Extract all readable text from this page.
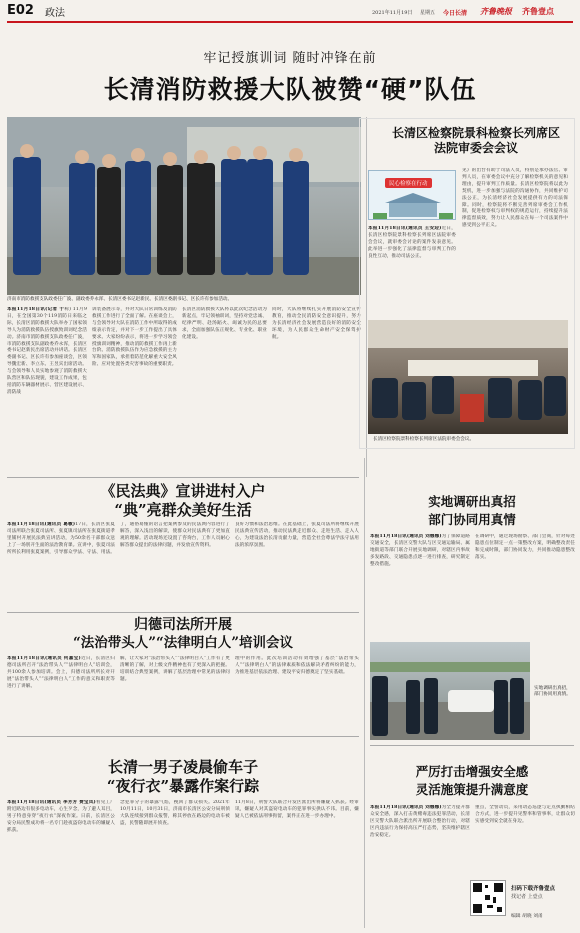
E02 政法	2021年11月19日 星期五 今日长清 齐鲁晚报 齐鲁壹点
牢记授旗训词 随时冲锋在前
长清消防救援大队被赞“硬”队伍
济南市消防救援支队政委任广波、副政委乔永浑、长清区委书记赵新民、长清区委副书记、区长许有参加活动。
本报11月18日讯(记者 于称) 11月9日，在全国第30个119消防日来临之际，长清区消防救援大队举办了国家领导人为消防救援队伍授旗致训词纪念活动。济南市消防救援支队政委任广波，市消防救援支队副政委乔永浑，长清区委书记赵新民出席活动并讲话。长清区委副书记、区长许有参加座谈会，区领导魏宏新、李立东、王昱宾出席活动。与会领导和人员实地参观了消防救援大队营区和队伍现貌，建设工作成果，包括消防车辆器材展示、营区建设展示、消防战
训装备展示等，并对大队日常训练及消防救援工作进行了全面了解。在座谈会上，与会领导对大队在消防工作中所取得的成绩表示肯定，并对下一步工作提出了具体要求。大家纷纷表示，将进一步学习领会授旗训词精神，推动消防救援工作再上新台阶。消防救援队伍作为应急救援的主力军和国家队，承担着防范化解重大安全风险、应对处置各类灾害事故的重要职责。
长清区消防救援大队将以此次纪念活动为新起点，牢记领袖训词，坚持对党忠诚、纪律严明、赴汤蹈火、竭诚为民的总要求，全面加强队伍正规化、专业化、职业化建设。
同时，大队将继续扎实开展消防安全宣传教育，推动全民消防安全意识提升，努力为长清经济社会发展营造良好的消防安全环境，为人民群众生命财产安全保驾护航。
长清区检察院景科检察长列席区法院审委会会议
民心检察在行动
本报11月18日讯(通讯员 王安迎)近日，长清区检察院景科检察长列席区法院审委会会议，就审委会讨论的案件发表意见。此举进一步强化了法律监督与审判工作的良性互动，推动司法公正。
见》的出台有助于司法人员，特别是承办法官、审判人员，在审委会议中充分了解检察机关的意见和理由，提升审判工作质量。长清区检察院将以此为契机，进一步加强与法院的沟通协作，共同维护司法公正，为长清经济社会发展提供有力的司法保障。同时，检察院将不断完善列席审委会工作机制，促进检察权与审判权的规范运行，持续提升法律监督质效，努力让人民群众在每一个司法案件中感受到公平正义。
长清区检察院景科检察长列席区法院审委会会议。
《民法典》宣讲进村入户
“典”亮群众美好生活
本报11月18日讯(通讯员 葛敏)17日，长清区张夏司法所联合张夏司法所、张夏镇司法所在张夏街道孝里铺村开展民法典宣讲活动，为50余名干部群众送上了一场别开生面的法治教育课。宣讲中，张夏司法所所长利用张夏案例，引导群众学法、守法、用法。
了，通俗易懂的语言把案例参及的民法典内容进行了解答，深入浅出的解读，使群众对民法典有了更加直观的理解。活动现场还设置了咨询台，工作人员耐心解答群众提出的法律问题，并发放宣传资料。
良好习惯和法治思维。在此基础上，张夏司法所将继续开展民法典宣传活动，推动民法典走近群众、走进生活、走入人心，为建设法治长清贡献力量，营造全社会尊法学法守法用法的浓厚氛围。
归德司法所开展
“法治带头人”“法律明白人”培训会议
本报11月18日讯(通讯员 何嘉宝)近日，长清区归德司法所召开“法治带头人”“法律明白人”培训会，共100余人参加培训。会上，归德司法所所长对开展“法治带头人”“法律明白人”工作的意义和职责等进行了讲解。
解，让大家对“法治带头人”“法律明白人”工作有了更清晰的了解，对上级文件精神也有了更深入的把握。培训结合典型案例，讲解了基层治理中常见的法律问题。
理中的作用。此次培训活动有效增强了基层“法治带头人”“法律明白人”的法律素质和依法解决矛盾纠纷的能力，为推进基层依法治理、建设平安归德奠定了坚实基础。
长清一男子凌晨偷车子
“夜行衣”暴露作案行踪
本报11月18日讯(通讯员 李芳芳 费宝凤)看见工厂附近路边有很多电动车，心生歹念，为了避人耳目，男子特意身穿“夜行衣”深夜作案。日前，长清区公安分局民警成功将一名专门趁夜盗窃电动车的嫌疑人抓获。
念犯罪分子的暴露气焰，挽回了群众损失。2021年10月11日，10月31日，济南市长清区公安分局刑侦大队连续接到群众报警，称其停放在路边的电动车被盗，民警随即展开侦查。
11月8日，刑警大队联合开发区派出所将嫌疑人抓获。经审讯，嫌疑人对其盗窃电动车的犯罪事实供认不讳。目前，嫌疑人已被依法刑事拘留，案件正在进一步办理中。
实地调研出真招
部门协同用真情
本报11月18日讯(通讯员 刘娜娜)为了保障道路交通安全，长清区交警大队与区交通运输局、属地街道等部门联合开展实地调研，对辖区内事故多发路段、交通隐患点逐一进行排查，研究制定整改措施。
在调研中，通过现场勘察、部门会商，针对每处隐患点位制定一点一策整改方案，明确整改责任和完成时限，部门协同发力，共同推动隐患整改落实。
实地调研出真招，部门协同用真情。
严厉打击增强安全感
灵活施策提升满意度
本报11月18日讯(通讯员 刘娜娜)为全力提升群众安全感，深入打击黄赌毒违法犯罪活动，长清区交警大队联合派出所开展联合整治行动，对辖区内违法行为保持高压严打态势，坚决维护辖区治安稳定。
重点，全警动员，采用动态巡逻与定点执勤相结合方式，进一步提升见警率和管事率，让群众切实感受到安全就在身边。
扫码下载齐鲁壹点
找记者 上壹点
编辑 胡晓 刘甬
